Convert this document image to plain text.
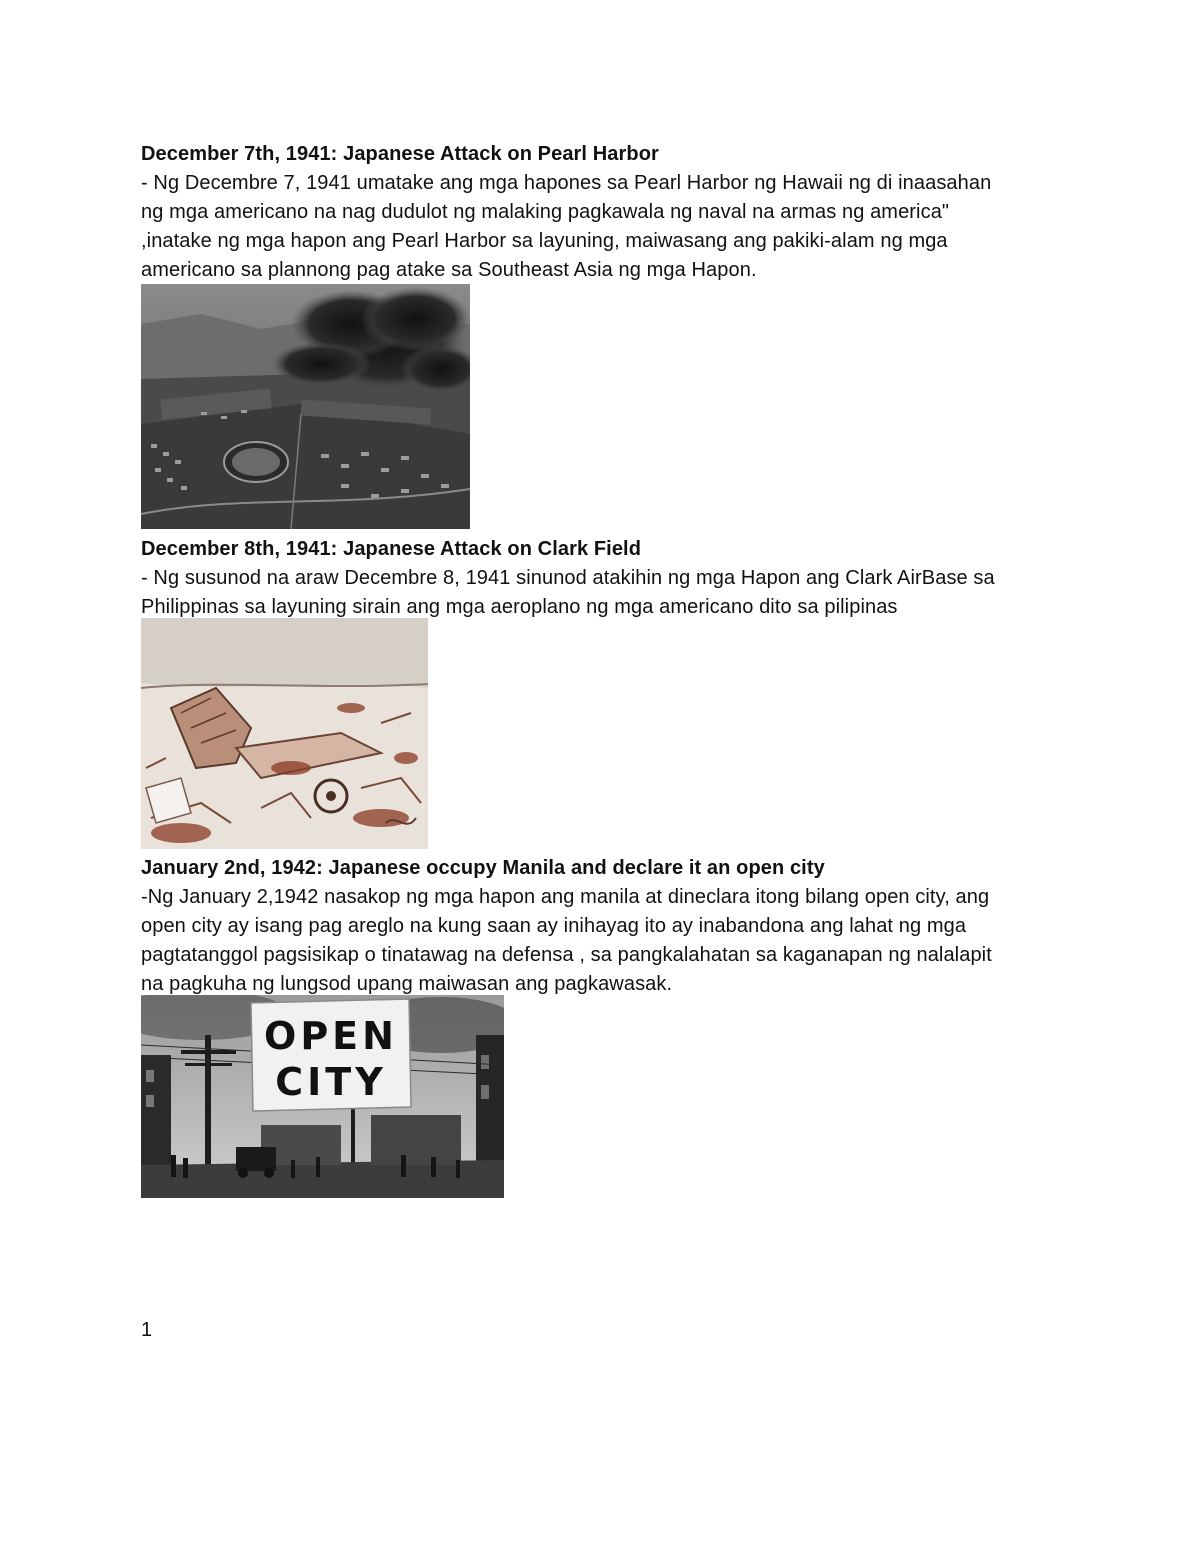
December 7th, 1941: Japanese Attack on Pearl Harbor
- Ng Decembre 7, 1941 umatake ang mga hapones sa Pearl Harbor ng Hawaii ng di inaasahan
ng mga americano na nag dudulot ng malaking pagkawala ng naval na armas ng america"
,inatake ng mga hapon ang Pearl Harbor sa layuning, maiwasang ang pakiki-alam ng mga
americano sa plannong pag atake sa Southeast Asia ng mga Hapon.
December 8th, 1941: Japanese Attack on Clark Field
- Ng susunod na araw Decembre 8, 1941 sinunod atakihin ng mga Hapon ang Clark AirBase sa
Philippinas sa layuning sirain ang mga aeroplano ng mga americano dito sa pilipinas
January 2nd, 1942: Japanese occupy Manila and declare it an open city
-Ng January 2,1942 nasakop ng mga hapon ang manila at dineclara itong bilang open city, ang
open city ay isang pag areglo na kung saan ay inihayag ito ay inabandona ang lahat ng mga
pagtatanggol pagsisikap o tinatawag na defensa , sa pangkalahatan sa kaganapan ng nalalapit
na pagkuha ng lungsod upang maiwasan ang pagkawasak.
OPEN
CITY
1
